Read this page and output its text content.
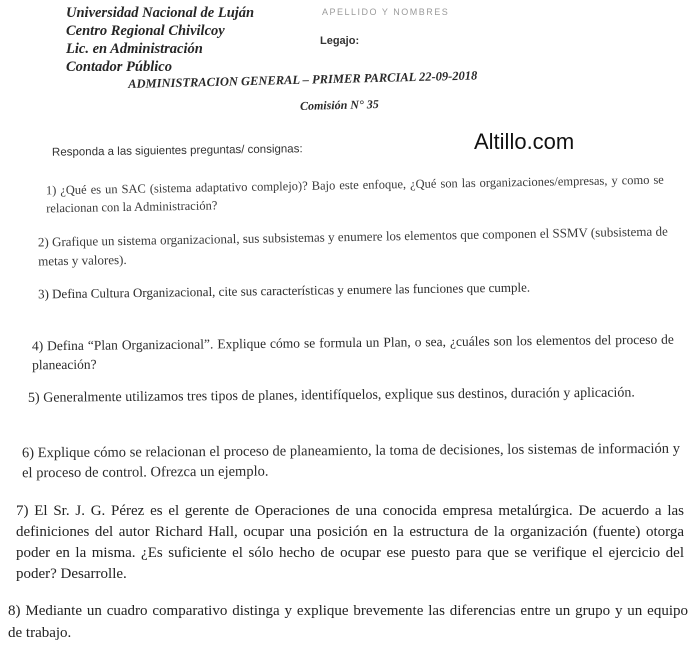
Universidad Nacional de Luján
Centro Regional Chivilcoy
Lic. en Administración
Contador Público
APELLIDO Y NOMBRES
Legajo:
ADMINISTRACION GENERAL – PRIMER PARCIAL 22-09-2018
Comisión N° 35
Altillo.com
Responda a las siguientes preguntas/ consignas:

1) ¿Qué es un SAC (sistema adaptativo complejo)? Bajo este enfoque, ¿Qué son las organizaciones/empresas, y como se relacionan con la Administración?

2) Grafique un sistema organizacional, sus subsistemas y enumere los elementos que componen el SSMV (subsistema de metas y valores).

3) Defina Cultura Organizacional, cite sus características y enumere las funciones que cumple.

4) Defina “Plan Organizacional”. Explique cómo se formula un Plan, o sea, ¿cuáles son los elementos del proceso de planeación?

5) Generalmente utilizamos tres tipos de planes, identifíquelos, explique sus destinos, duración y aplicación.

6) Explique cómo se relacionan el proceso de planeamiento, la toma de decisiones, los sistemas de información y el proceso de control. Ofrezca un ejemplo.

7) El Sr. J. G. Pérez es el gerente de Operaciones de una conocida empresa metalúrgica. De acuerdo a las definiciones del autor Richard Hall, ocupar una posición en la estructura de la organización (fuente) otorga poder en la misma. ¿Es suficiente el sólo hecho de ocupar ese puesto para que se verifique el ejercicio del poder? Desarrolle.

8) Mediante un cuadro comparativo distinga y explique brevemente las diferencias entre un grupo y un equipo de trabajo.
